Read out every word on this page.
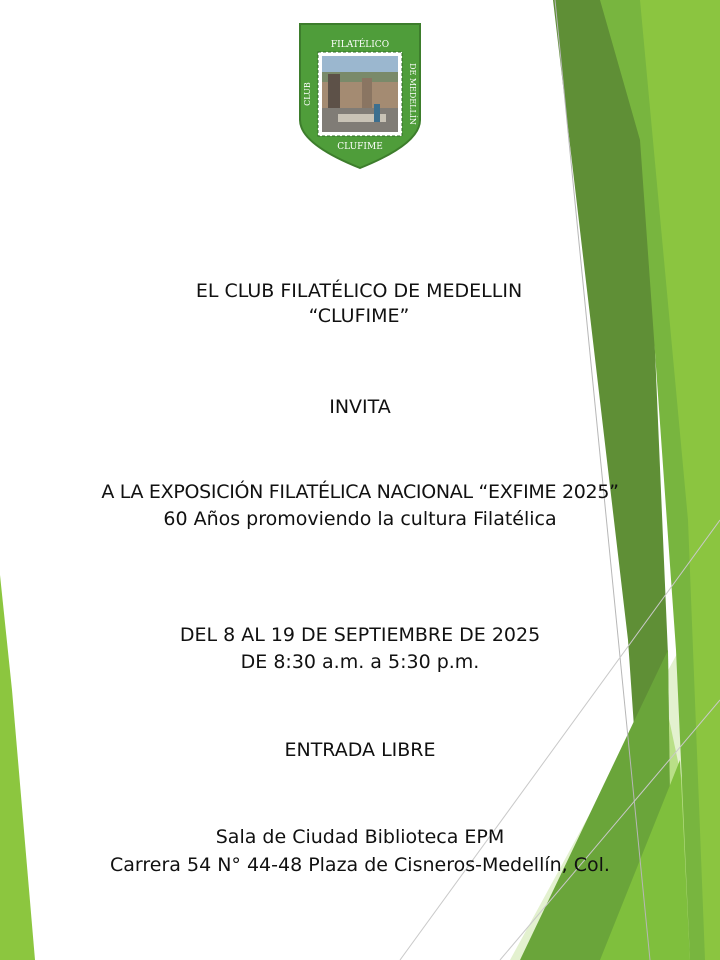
FILATÉLICO
CLUFIME
CLUB	DE MEDELLÍN
EL CLUB FILATÉLICO DE MEDELLIN
“CLUFIME”
INVITA
A LA EXPOSICIÓN FILATÉLICA NACIONAL “EXFIME 2025”
60 Años promoviendo la cultura Filatélica
DEL 8 AL 19 DE SEPTIEMBRE DE 2025
DE 8:30 a.m. a 5:30 p.m.
ENTRADA LIBRE
Sala de Ciudad Biblioteca EPM
Carrera 54 N° 44-48 Plaza de Cisneros-Medellín, Col.
